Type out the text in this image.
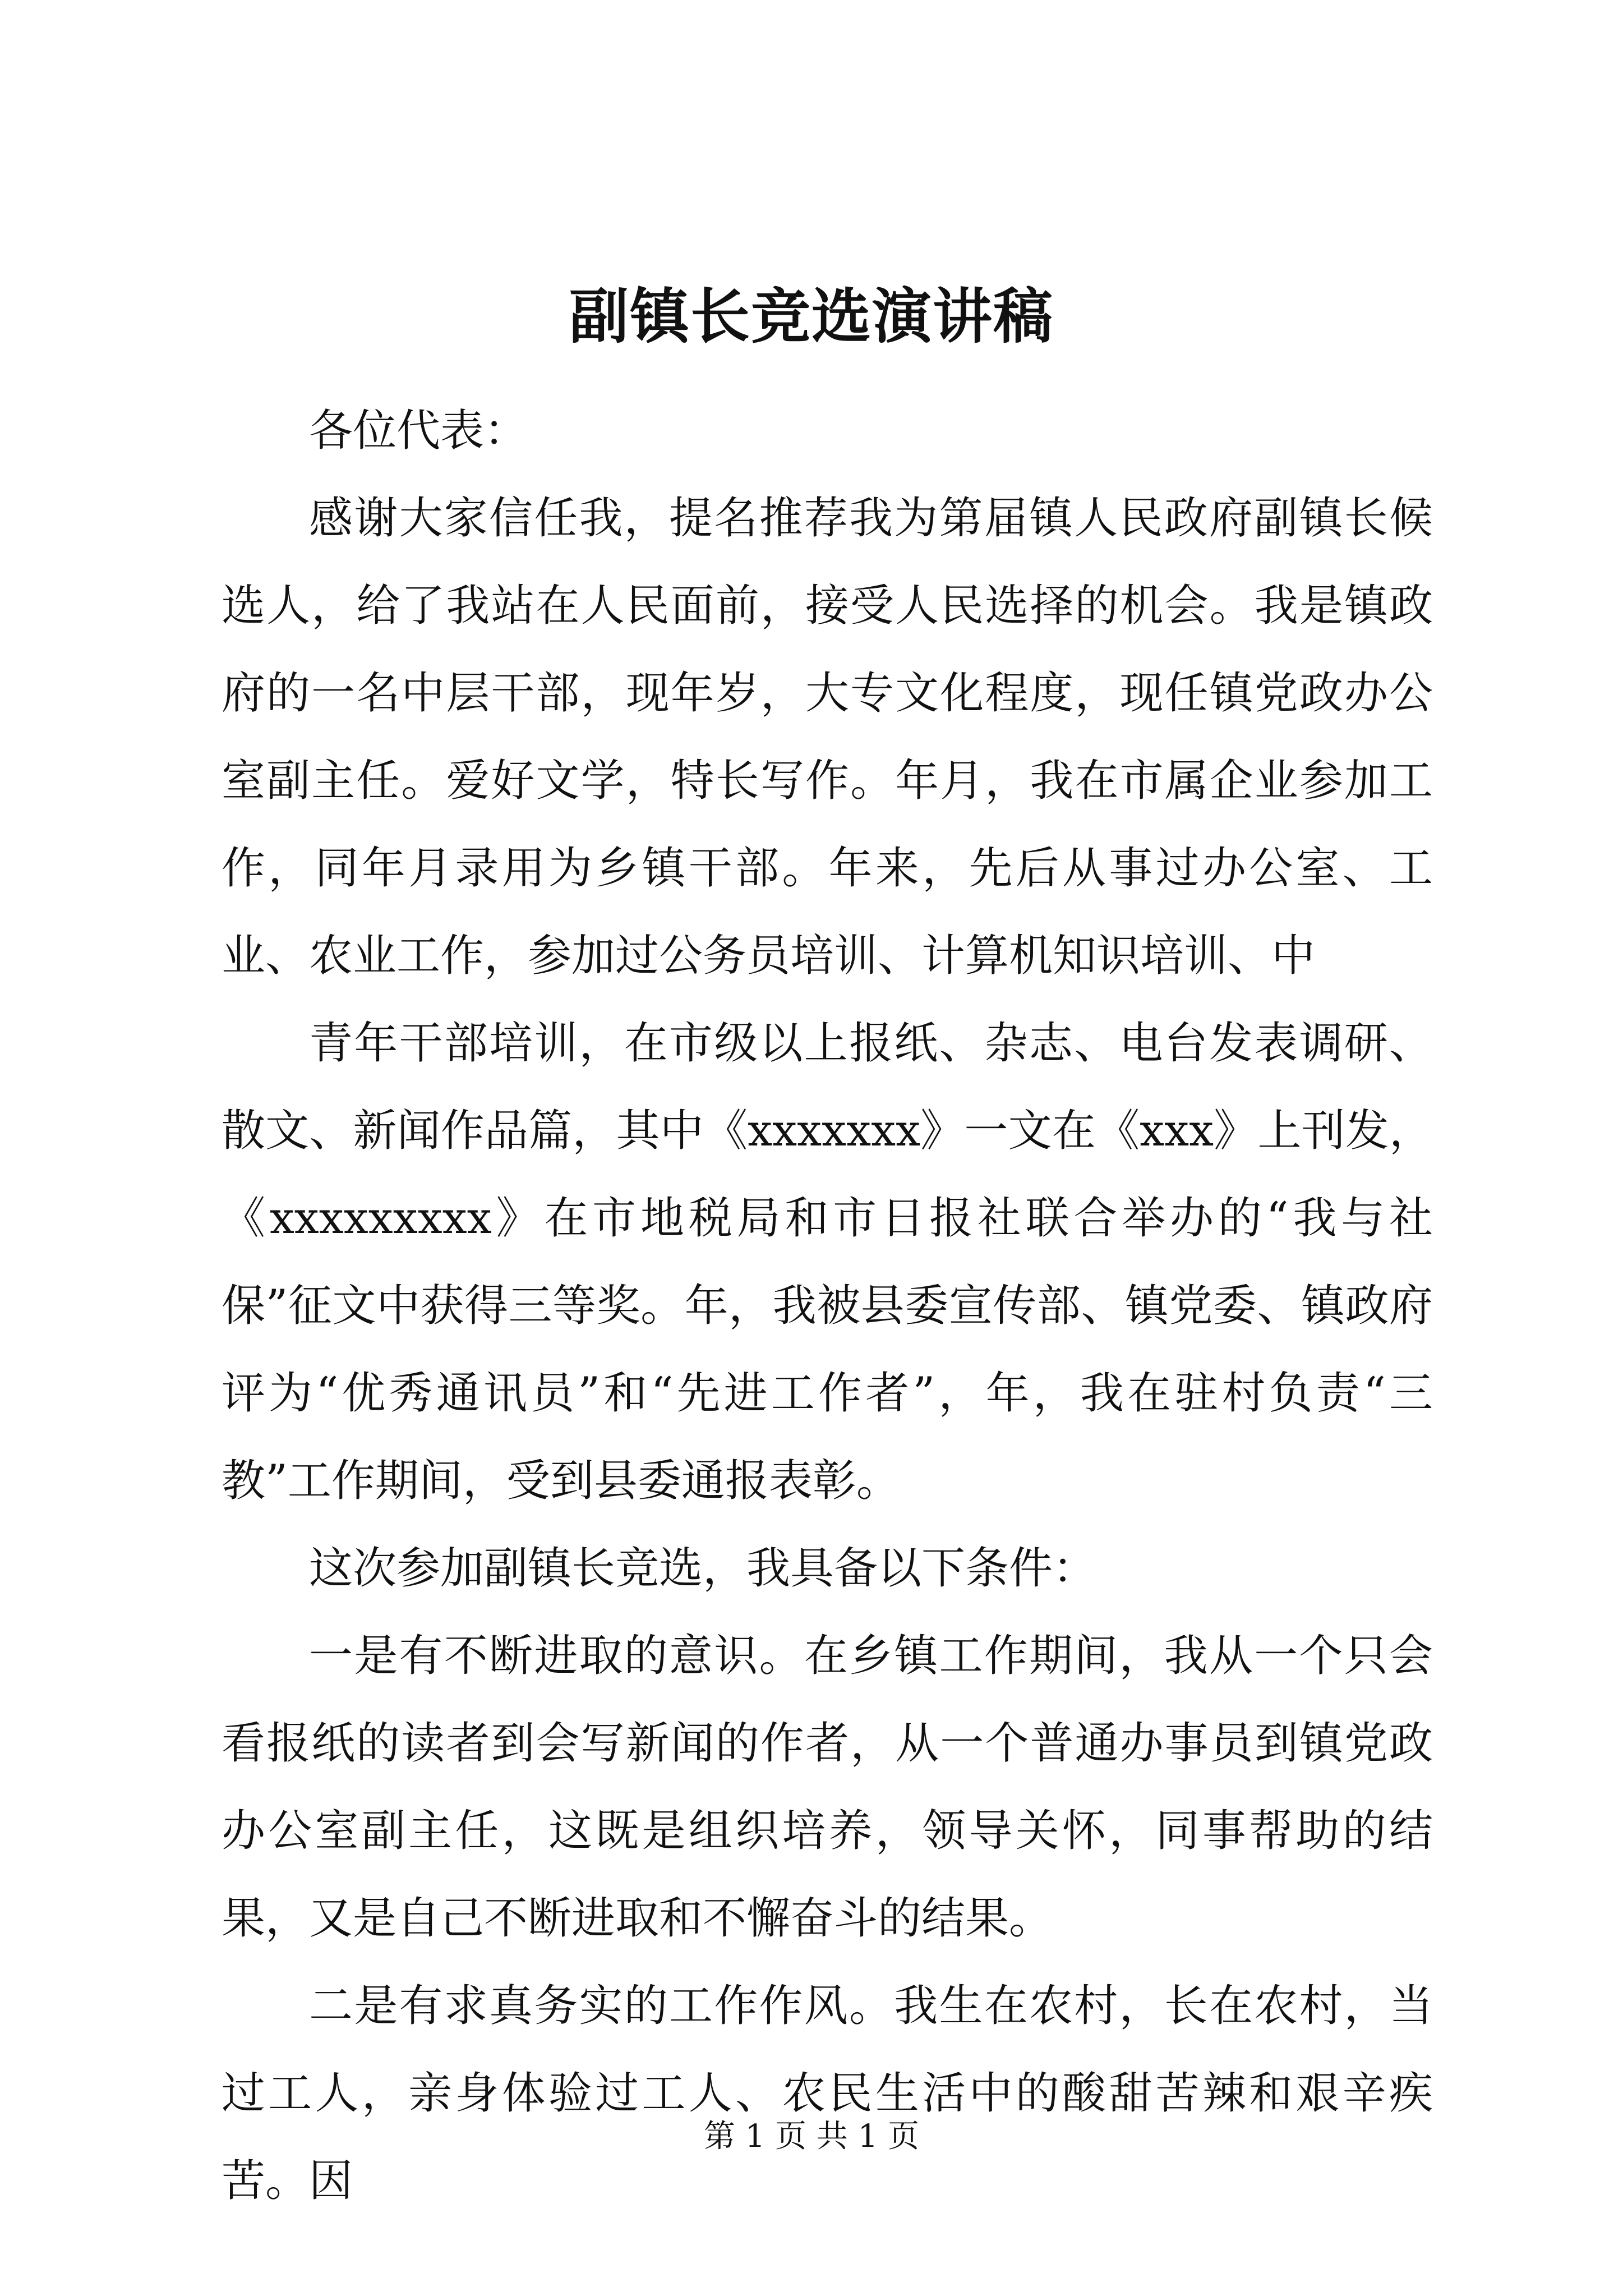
副镇长竞选演讲稿

各位代表：

感谢大家信任我，提名推荐我为第届镇人民政府副镇长候选人，给了我站在人民面前，接受人民选择的机会。我是镇政府的一名中层干部，现年岁，大专文化程度，现任镇党政办公室副主任。爱好文学，特长写作。年月，我在市属企业参加工作，同年月录用为乡镇干部。年来，先后从事过办公室、工业、农业工作，参加过公务员培训、计算机知识培训、中

青年干部培训，在市级以上报纸、杂志、电台发表调研、散文、新闻作品篇，其中《xxxxxxx》一文在《xxx》上刊发，《xxxxxxxxx》在市地税局和市日报社联合举办的“我与社保”征文中获得三等奖。年，我被县委宣传部、镇党委、镇政府评为“优秀通讯员”和“先进工作者”，年，我在驻村负责“三教”工作期间，受到县委通报表彰。

这次参加副镇长竞选，我具备以下条件：

一是有不断进取的意识。在乡镇工作期间，我从一个只会看报纸的读者到会写新闻的作者，从一个普通办事员到镇党政办公室副主任，这既是组织培养，领导关怀，同事帮助的结果，又是自己不断进取和不懈奋斗的结果。

二是有求真务实的工作作风。我生在农村，长在农村，当过工人，亲身体验过工人、农民生活中的酸甜苦辣和艰辛疾苦。因

第 1 页 共 1 页
